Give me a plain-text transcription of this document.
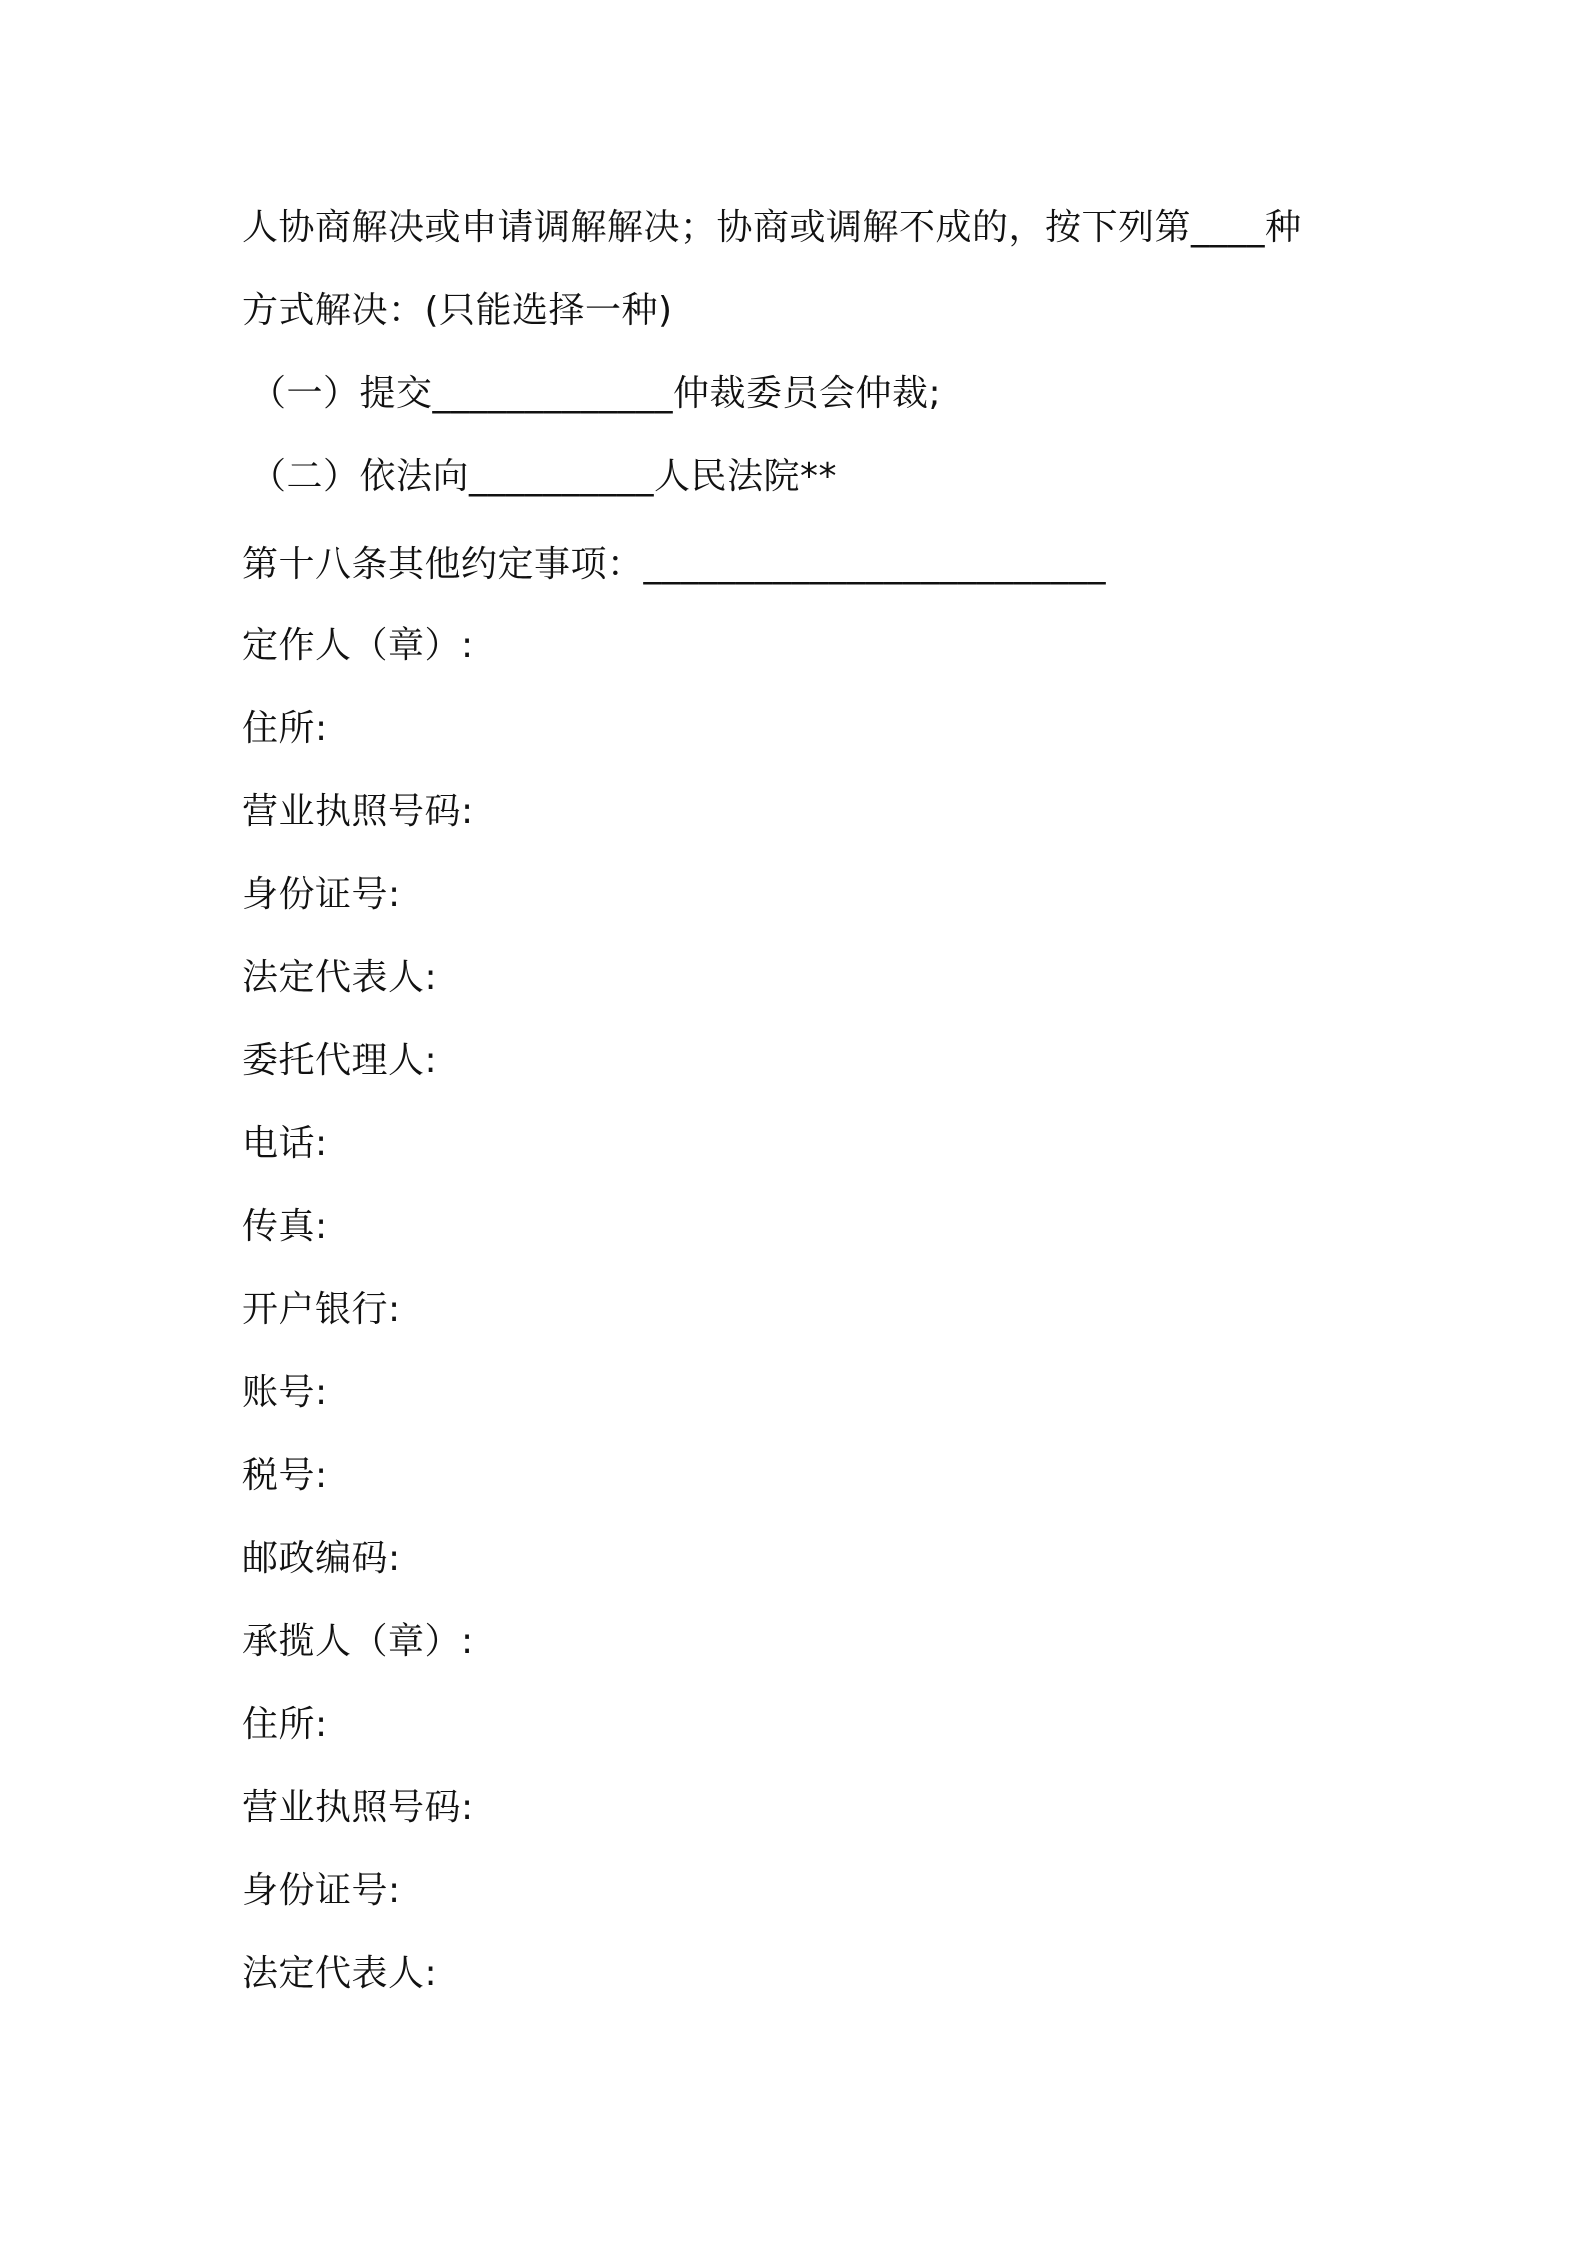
人协商解决或申请调解解决；协商或调解不成的，按下列第____种
方式解决：(只能选择一种)
（一）提交_____________仲裁委员会仲裁;
（二）依法向__________人民法院**
第十八条其他约定事项：_________________________
定作人（章）:
住所:
营业执照号码:
身份证号:
法定代表人:
委托代理人:
电话:
传真:
开户银行:
账号:
税号:
邮政编码:
承揽人（章）:
住所:
营业执照号码:
身份证号:
法定代表人:
